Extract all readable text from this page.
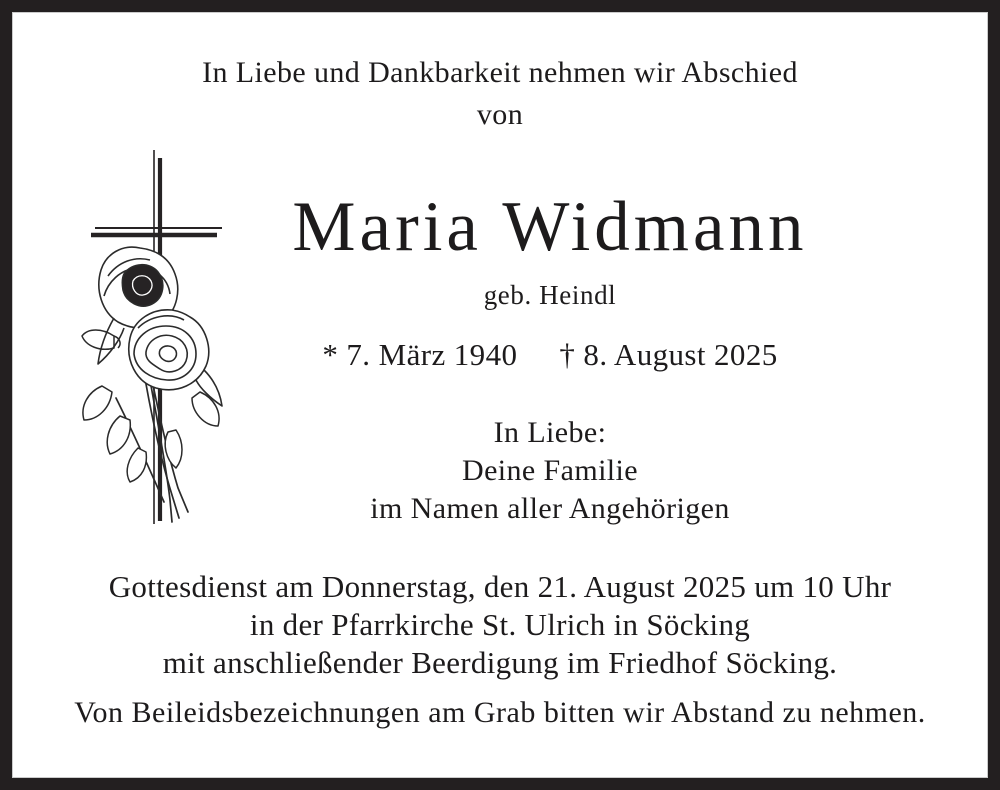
In Liebe und Dankbarkeit nehmen wir Abschied
von
Maria Widmann
geb. Heindl
* 7. März 1940 † 8. August 2025
In Liebe:
Deine Familie
im Namen aller Angehörigen
Gottesdienst am Donnerstag, den 21. August 2025 um 10 Uhr
in der Pfarrkirche St. Ulrich in Söcking
mit anschließender Beerdigung im Friedhof Söcking.
Von Beileidsbezeichnungen am Grab bitten wir Abstand zu nehmen.
